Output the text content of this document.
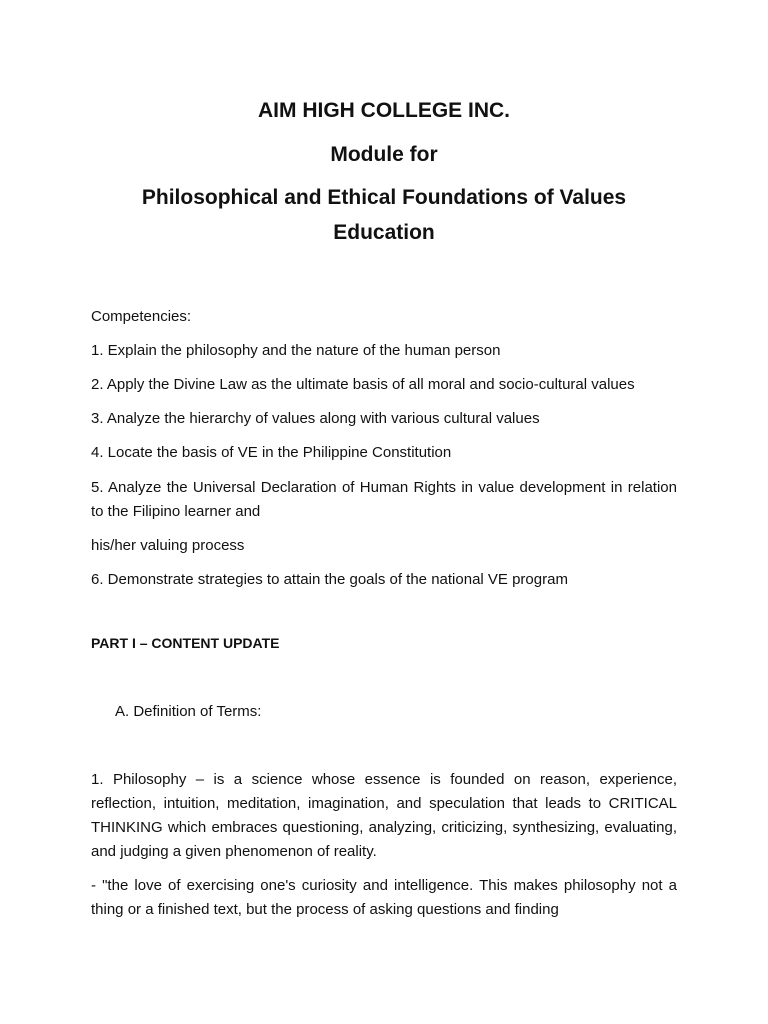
AIM HIGH COLLEGE INC.
Module for
Philosophical and Ethical Foundations of Values
Education
Competencies:
1. Explain the philosophy and the nature of the human person
2. Apply the Divine Law as the ultimate basis of all moral and socio-cultural values
3. Analyze the hierarchy of values along with various cultural values
4. Locate the basis of VE in the Philippine Constitution
5. Analyze the Universal Declaration of Human Rights in value development in relation to the Filipino learner and
his/her valuing process
6. Demonstrate strategies to attain the goals of the national VE program
PART I – CONTENT UPDATE
A. Definition of Terms:
1. Philosophy – is a science whose essence is founded on reason, experience, reflection, intuition, meditation, imagination, and speculation that leads to CRITICAL THINKING which embraces questioning, analyzing, criticizing, synthesizing, evaluating, and judging a given phenomenon of reality.
- "the love of exercising one's curiosity and intelligence. This makes philosophy not a thing or a finished text, but the process of asking questions and finding
